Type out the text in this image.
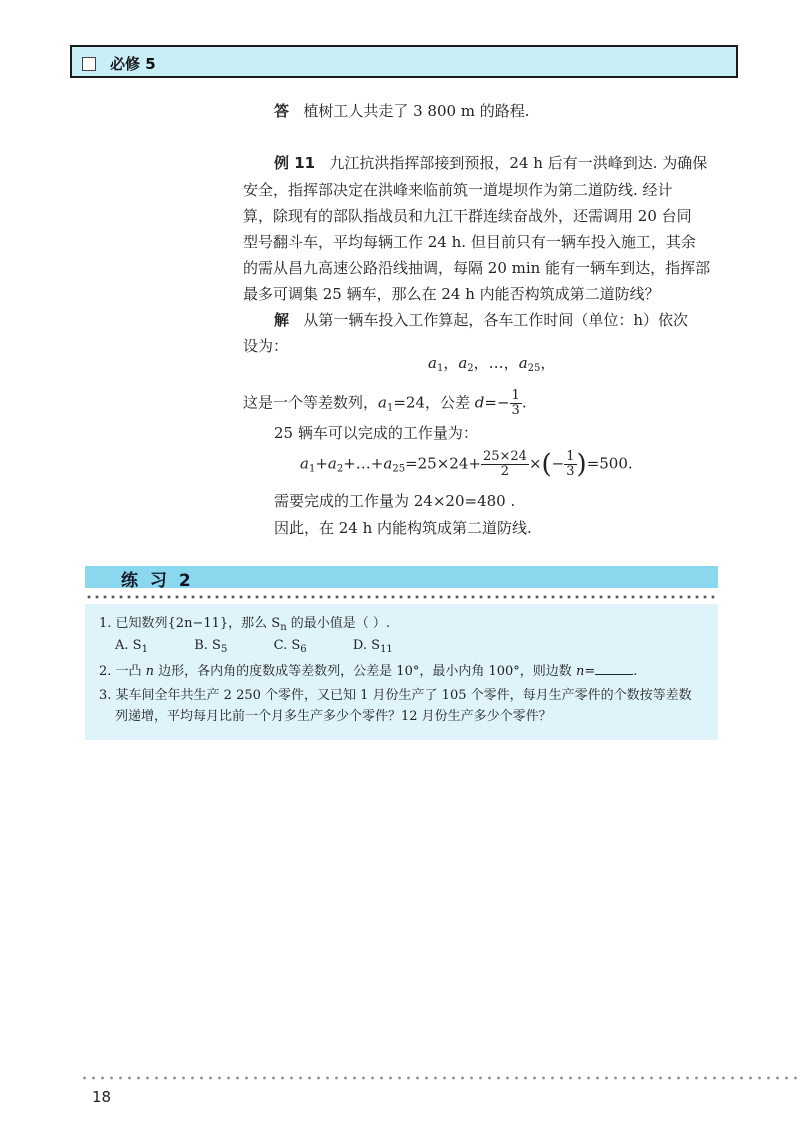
必修 5
答 植树工人共走了 3 800 m 的路程.
例 11 九江抗洪指挥部接到预报，24 h 后有一洪峰到达. 为确保
安全，指挥部决定在洪峰来临前筑一道堤坝作为第二道防线. 经计
算，除现有的部队指战员和九江干群连续奋战外，还需调用 20 台同
型号翻斗车，平均每辆工作 24 h. 但目前只有一辆车投入施工，其余
的需从昌九高速公路沿线抽调，每隔 20 min 能有一辆车到达，指挥部
最多可调集 25 辆车，那么在 24 h 内能否构筑成第二道防线？
解 从第一辆车投入工作算起，各车工作时间（单位：h）依次
设为：
$a_1$，$a_2$，…，$a_{25}$，
这是一个等差数列，$a_1=24$，公差 $d=- \frac{1}{3}$ .
25 辆车可以完成的工作量为：
$a_1+a_2+\dots+a_{25}=25\times 24+ \frac{25\times 24}{2}$ ×(− $\frac{1}{3} )=500$.
需要完成的工作量为 24×20=480 .
因此，在 24 h 内能构筑成第二道防线.
练 习 2
1. 已知数列{2n−11}，那么 $S_n$ 的最小值是（ ）.
A. $S_1$	B. $S_5$	C. $S_6$	D. $S_{11}$
2. 一凸 n 边形，各内角的度数成等差数列，公差是 10°，最小内角 100°，则边数 n=	.
3. 某车间全年共生产 2 250 个零件，又已知 1 月份生产了 105 个零件，每月生产零件的个数按等差数
列递增，平均每月比前一个月多生产多少个零件？12 月份生产多少个零件？
18
